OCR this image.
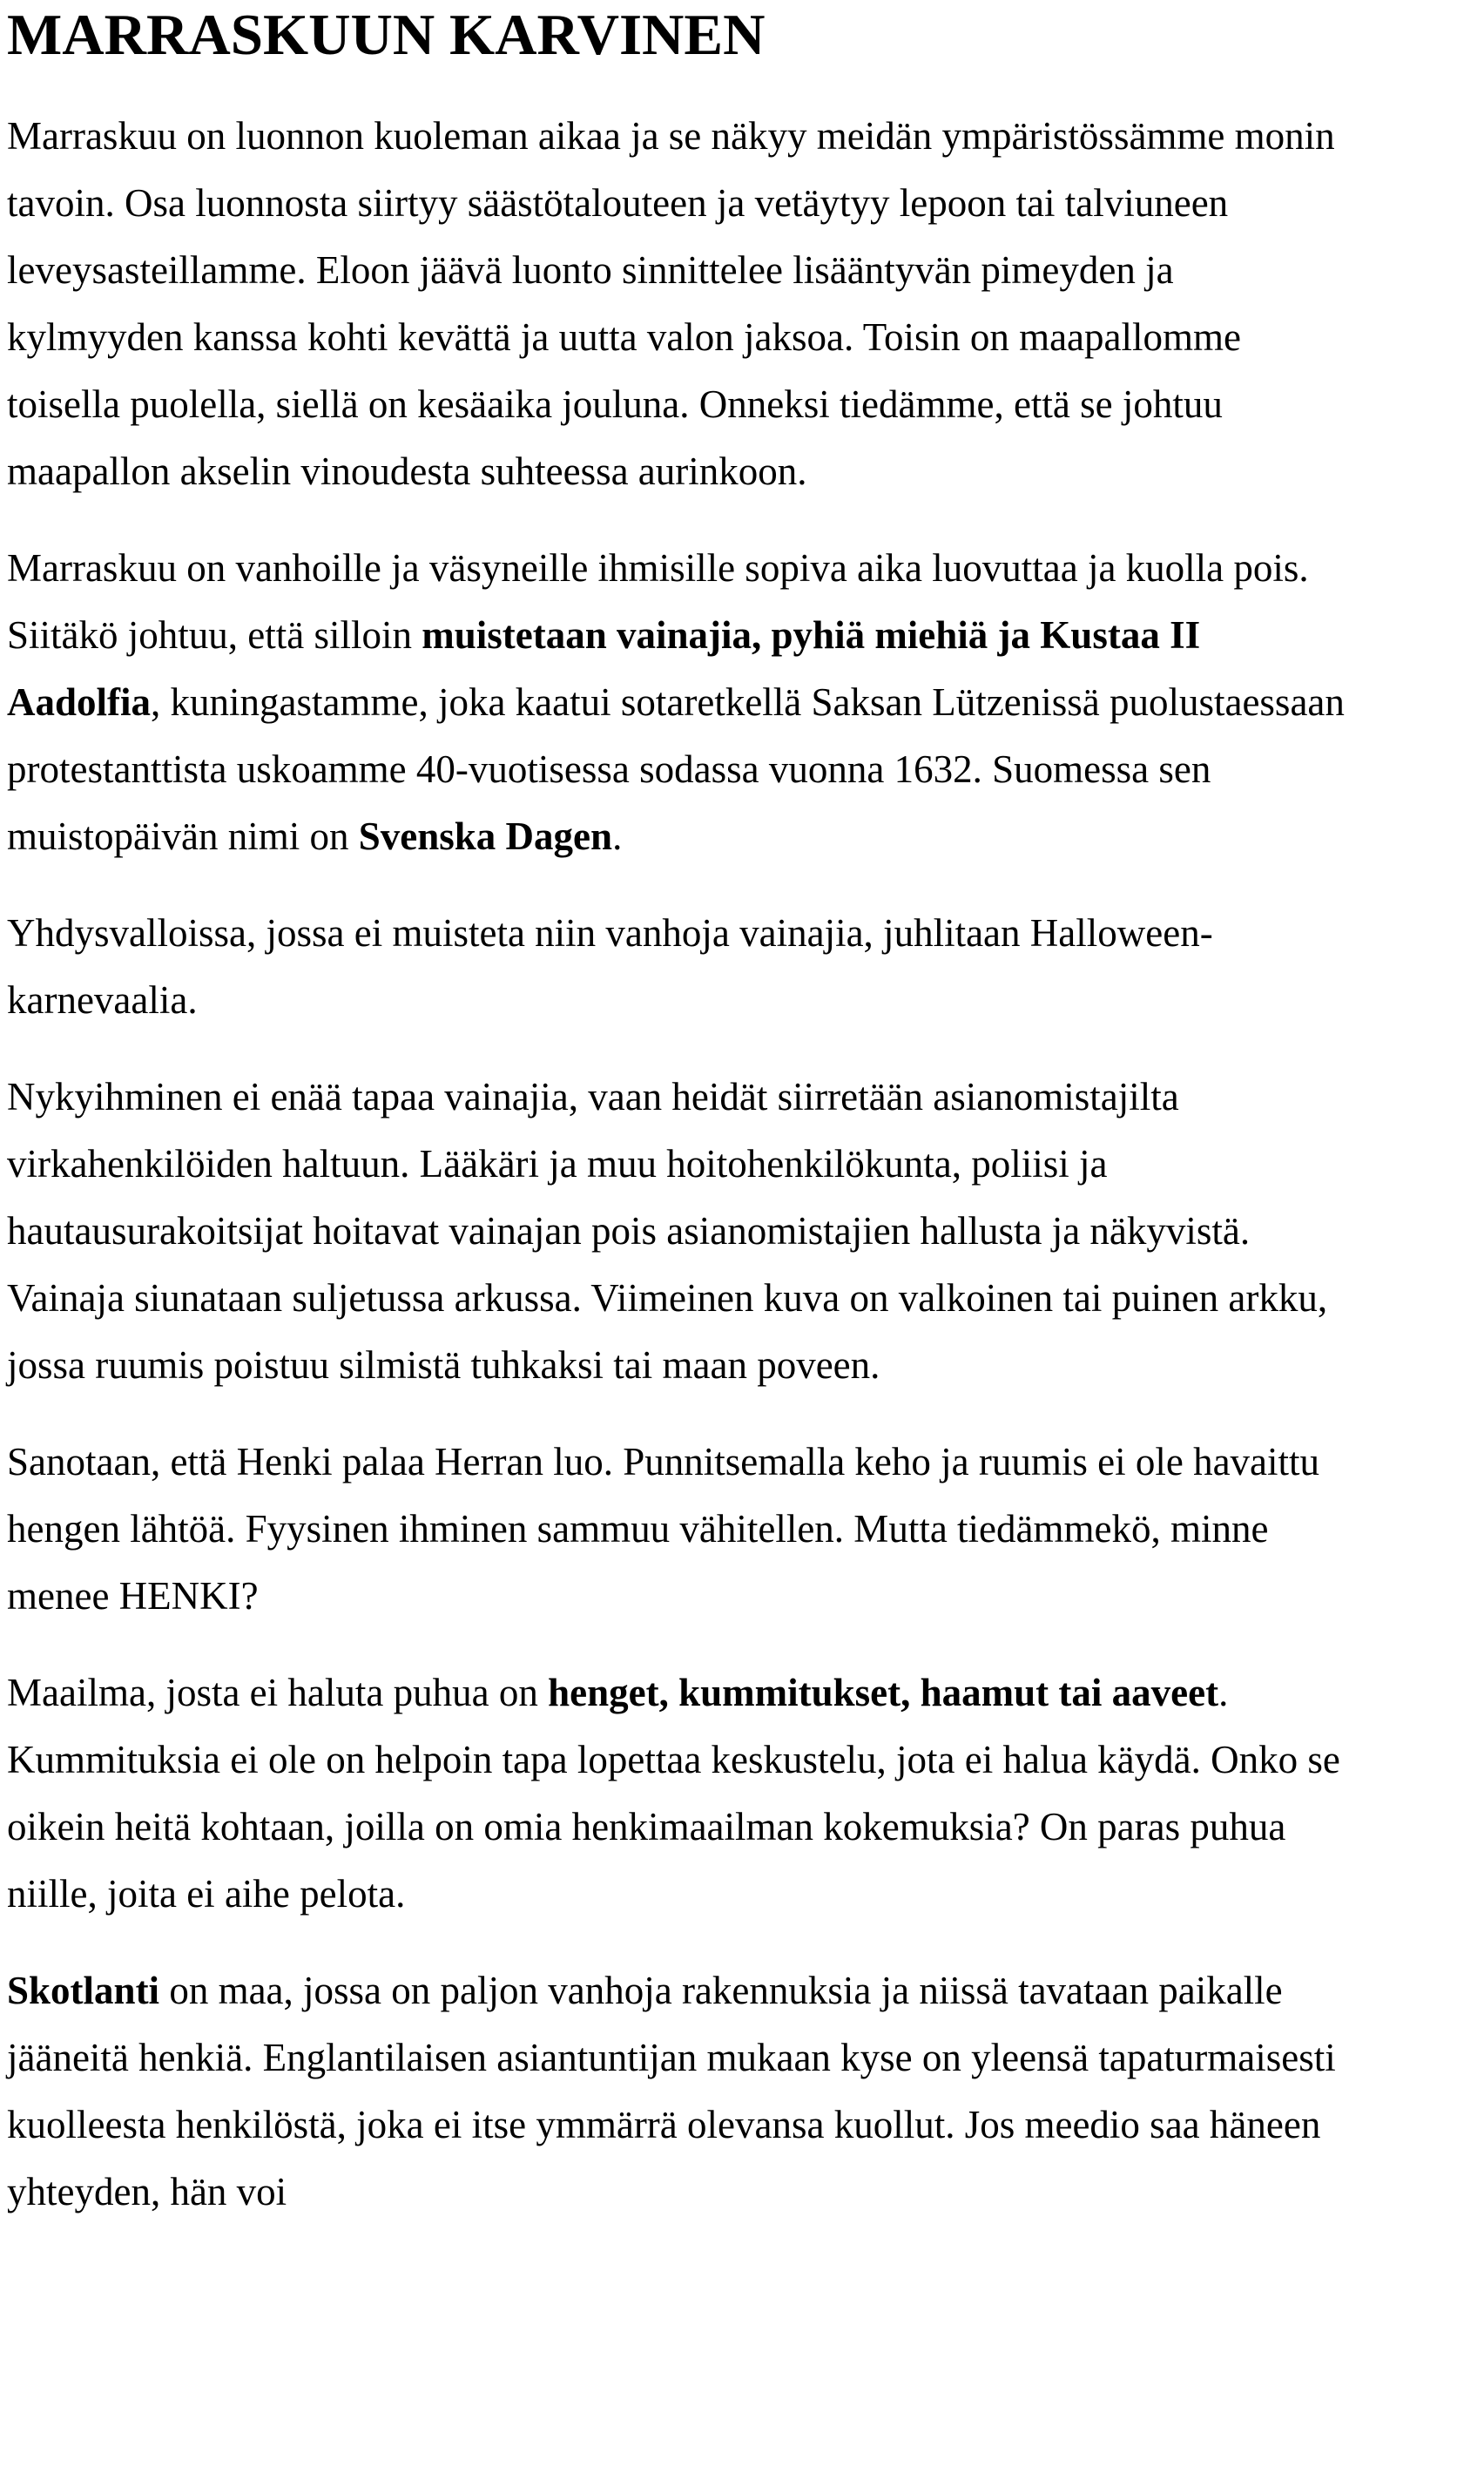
MARRASKUUN KARVINEN

Marraskuu on luonnon kuoleman aikaa ja se näkyy meidän ympäristössämme monin tavoin. Osa luonnosta siirtyy säästötalouteen ja vetäytyy lepoon tai talviuneen leveysasteillamme. Eloon jäävä luonto sinnittelee lisääntyvän pimeyden ja kylmyyden kanssa kohti kevättä ja uutta valon jaksoa. Toisin on maapallomme toisella puolella, siellä on kesäaika jouluna. Onneksi tiedämme, että se johtuu maapallon akselin vinoudesta suhteessa aurinkoon.

Marraskuu on vanhoille ja väsyneille ihmisille sopiva aika luovuttaa ja kuolla pois. Siitäkö johtuu, että silloin muistetaan vainajia, pyhiä miehiä ja Kustaa II Aadolfia, kuningastamme, joka kaatui sotaretkellä Saksan Lützenissä puolustaessaan protestanttista uskoamme 40-vuotisessa sodassa vuonna 1632. Suomessa sen muistopäivän nimi on Svenska Dagen.

Yhdysvalloissa, jossa ei muisteta niin vanhoja vainajia, juhlitaan Halloween-karnevaalia.

Nykyihminen ei enää tapaa vainajia, vaan heidät siirretään asianomistajilta virkahenkilöiden haltuun. Lääkäri ja muu hoitohenkilökunta, poliisi ja hautausurakoitsijat hoitavat vainajan pois asianomistajien hallusta ja näkyvistä. Vainaja siunataan suljetussa arkussa. Viimeinen kuva on valkoinen tai puinen arkku, jossa ruumis poistuu silmistä tuhkaksi tai maan poveen.

Sanotaan, että Henki palaa Herran luo. Punnitsemalla keho ja ruumis ei ole havaittu hengen lähtöä. Fyysinen ihminen sammuu vähitellen. Mutta tiedämmekö, minne menee HENKI?

Maailma, josta ei haluta puhua on henget, kummitukset, haamut tai aaveet. Kummituksia ei ole on helpoin tapa lopettaa keskustelu, jota ei halua käydä. Onko se oikein heitä kohtaan, joilla on omia henkimaailman kokemuksia? On paras puhua niille, joita ei aihe pelota.

Skotlanti on maa, jossa on paljon vanhoja rakennuksia ja niissä tavataan paikalle jääneitä henkiä. Englantilaisen asiantuntijan mukaan kyse on yleensä tapaturmaisesti kuolleesta henkilöstä, joka ei itse ymmärrä olevansa kuollut. Jos meedio saa häneen yhteyden, hän voi
